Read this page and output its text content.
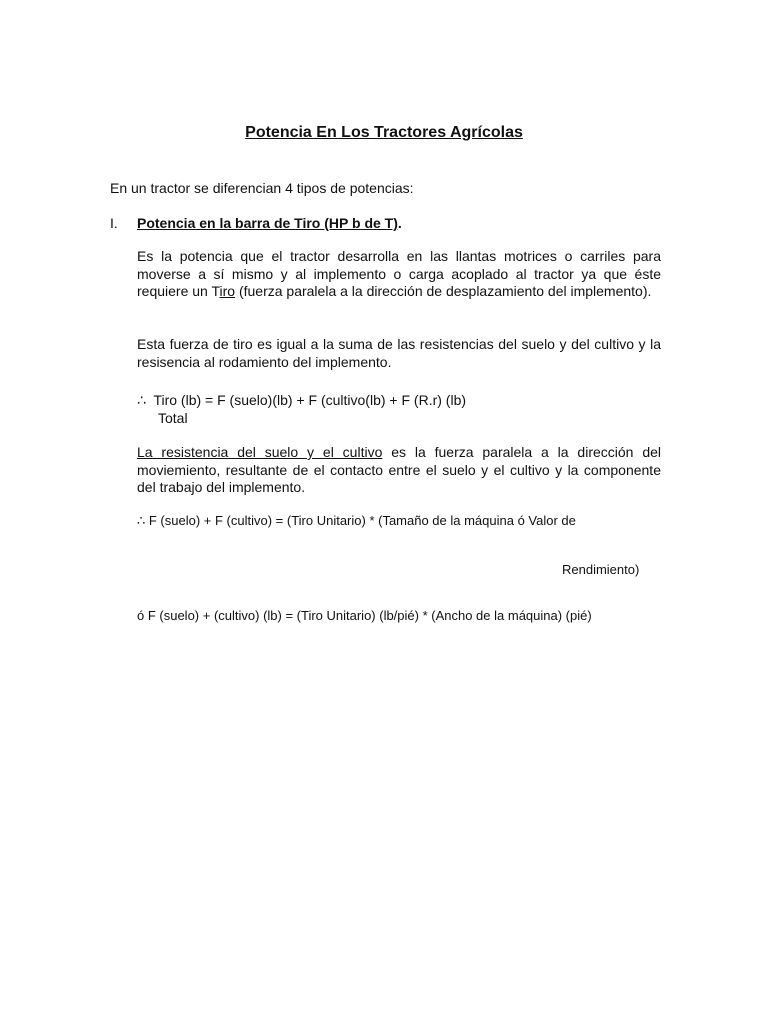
Potencia En Los Tractores Agrícolas
En un tractor se diferencian 4 tipos de potencias:
I. Potencia en la barra de Tiro (HP b de T).
Es la potencia que el tractor desarrolla en las llantas motrices o carriles para moverse a sí mismo y al implemento o carga acoplado al tractor ya que éste requiere un Tiro (fuerza paralela a la dirección de desplazamiento del implemento).
Esta fuerza de tiro es igual a la suma de las resistencias del suelo y del cultivo y la resisencia al rodamiento del implemento.
∴ Tiro (lb) = F (suelo)(lb) + F (cultivo(lb) + F (R.r) (lb)
Total
La resistencia del suelo y el cultivo es la fuerza paralela a la dirección del moviemiento, resultante de el contacto entre el suelo y el cultivo y la componente del trabajo del implemento.
∴ F (suelo) + F (cultivo) = (Tiro Unitario) * (Tamaño de la máquina ó Valor de
Rendimiento)
ó F (suelo) + (cultivo) (lb) = (Tiro Unitario) (lb/pié) * (Ancho de la máquina) (pié)
